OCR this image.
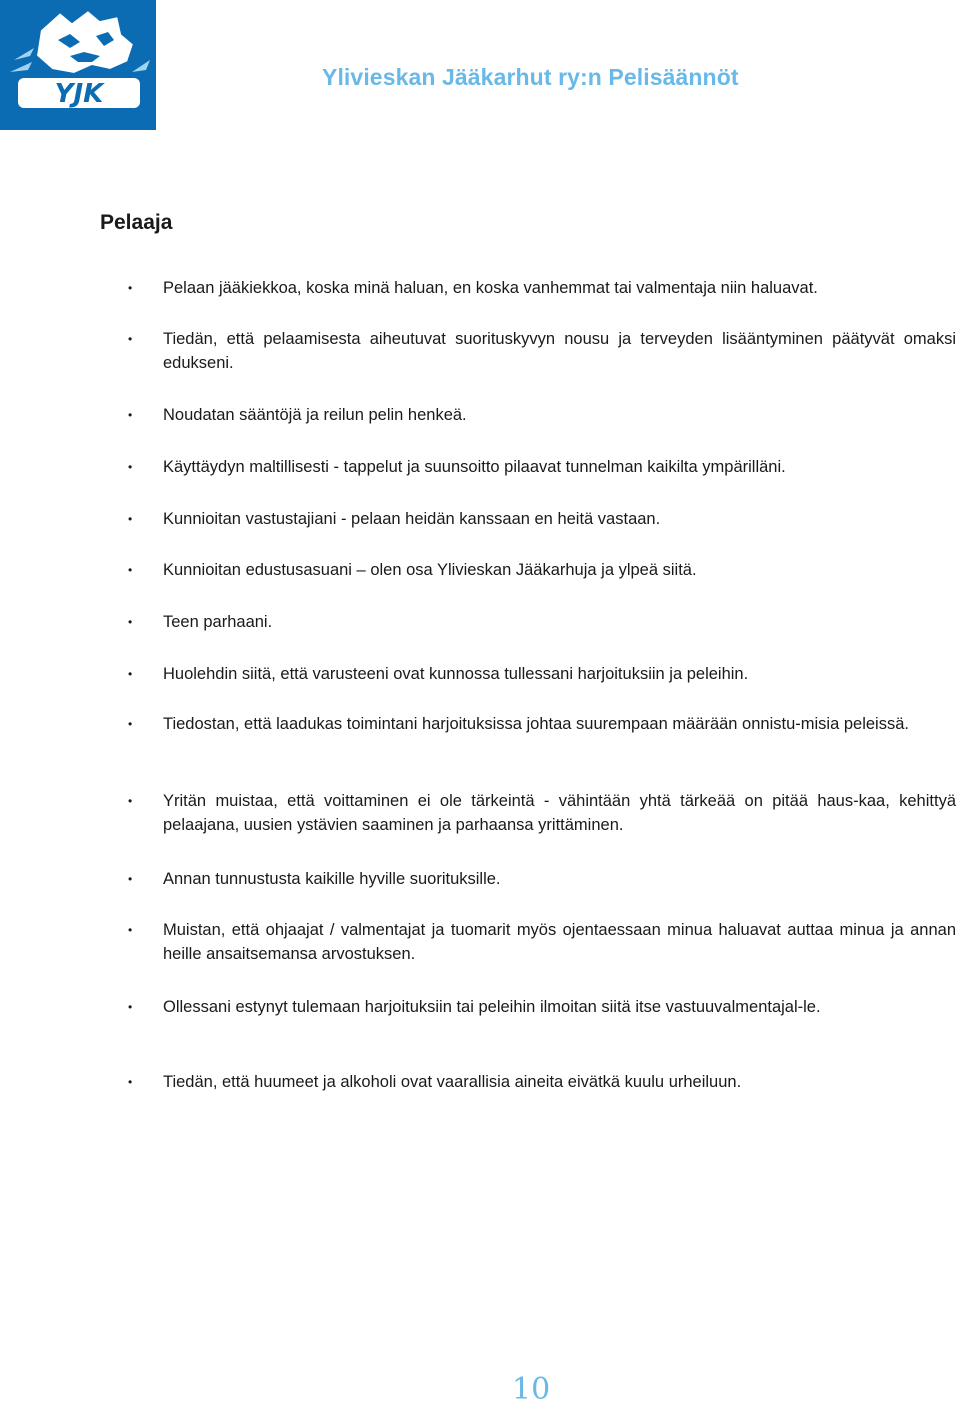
YJK
Ylivieskan Jääkarhut ry:n Pelisäännöt
Pelaaja
• Pelaan jääkiekkoa, koska minä haluan, en koska vanhemmat tai valmentaja niin haluavat.
• Tiedän, että pelaamisesta aiheutuvat suorituskyvyn nousu ja terveyden lisääntyminen päätyvät omaksi edukseni.
• Noudatan sääntöjä ja reilun pelin henkeä.
• Käyttäydyn maltillisesti - tappelut ja suunsoitto pilaavat tunnelman kaikilta ympärilläni.
• Kunnioitan vastustajiani - pelaan heidän kanssaan en heitä vastaan.
• Kunnioitan edustusasuani – olen osa Ylivieskan Jääkarhuja ja ylpeä siitä.
• Teen parhaani.
• Huolehdin siitä, että varusteeni ovat kunnossa tullessani harjoituksiin ja peleihin.
• Tiedostan, että laadukas toimintani harjoituksissa johtaa suurempaan määrään onnistu-misia peleissä.
• Yritän muistaa, että voittaminen ei ole tärkeintä - vähintään yhtä tärkeää on pitää haus-kaa, kehittyä pelaajana, uusien ystävien saaminen ja parhaansa yrittäminen.
• Annan tunnustusta kaikille hyville suorituksille.
• Muistan, että ohjaajat / valmentajat ja tuomarit myös ojentaessaan minua haluavat auttaa minua ja annan heille ansaitsemansa arvostuksen.
• Ollessani estynyt tulemaan harjoituksiin tai peleihin ilmoitan siitä itse vastuuvalmentajal-le.
• Tiedän, että huumeet ja alkoholi ovat vaarallisia aineita eivätkä kuulu urheiluun.
10
